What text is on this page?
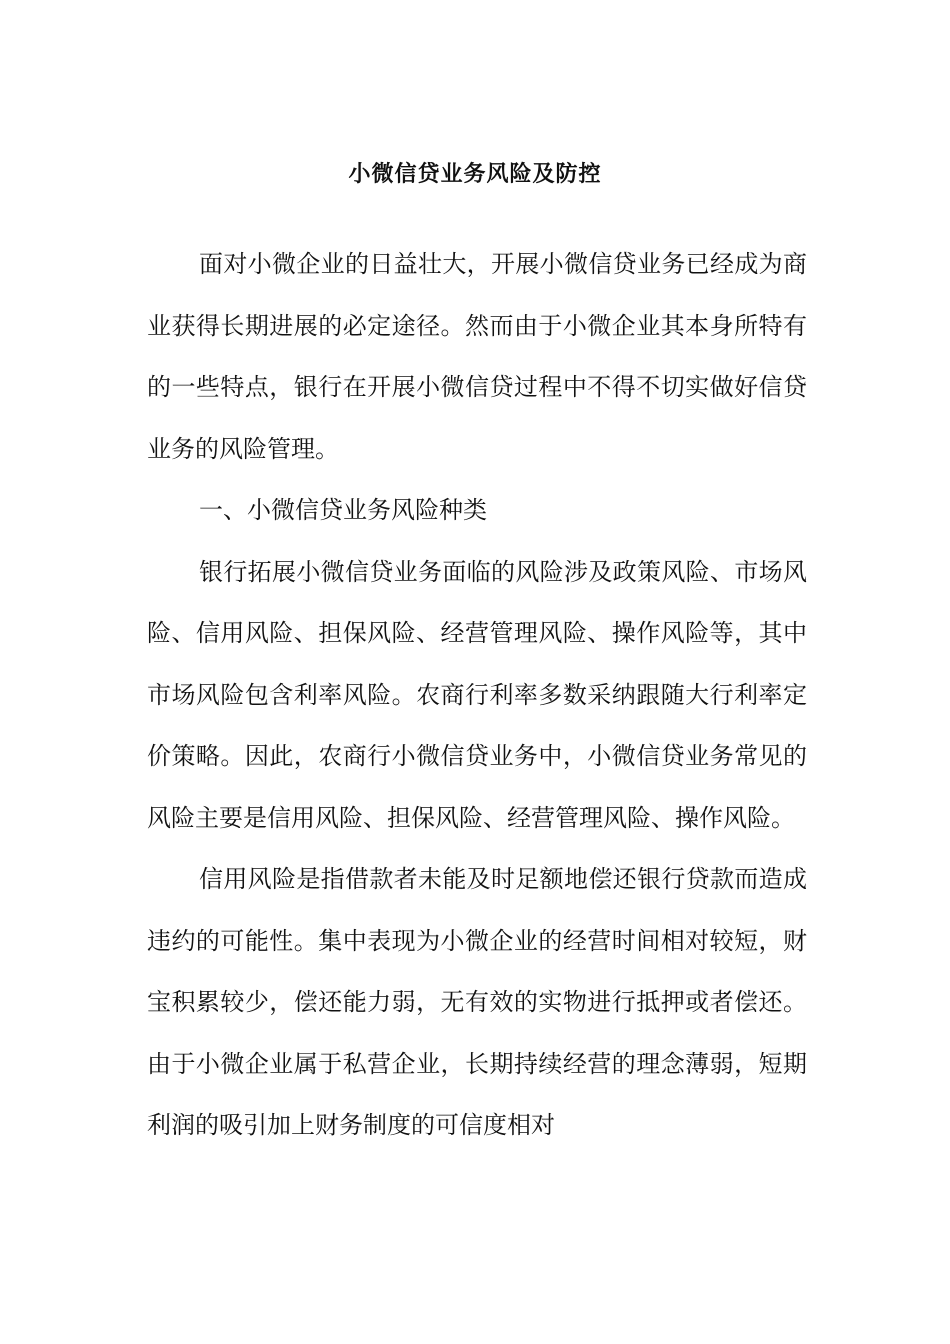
小微信贷业务风险及防控

面对小微企业的日益壮大，开展小微信贷业务已经成为商业获得长期进展的必定途径。然而由于小微企业其本身所特有的一些特点，银行在开展小微信贷过程中不得不切实做好信贷业务的风险管理。

一、小微信贷业务风险种类

银行拓展小微信贷业务面临的风险涉及政策风险、市场风险、信用风险、担保风险、经营管理风险、操作风险等，其中市场风险包含利率风险。农商行利率多数采纳跟随大行利率定价策略。因此，农商行小微信贷业务中，小微信贷业务常见的风险主要是信用风险、担保风险、经营管理风险、操作风险。

信用风险是指借款者未能及时足额地偿还银行贷款而造成违约的可能性。集中表现为小微企业的经营时间相对较短，财宝积累较少，偿还能力弱，无有效的实物进行抵押或者偿还。由于小微企业属于私营企业，长期持续经营的理念薄弱，短期利润的吸引加上财务制度的可信度相对
